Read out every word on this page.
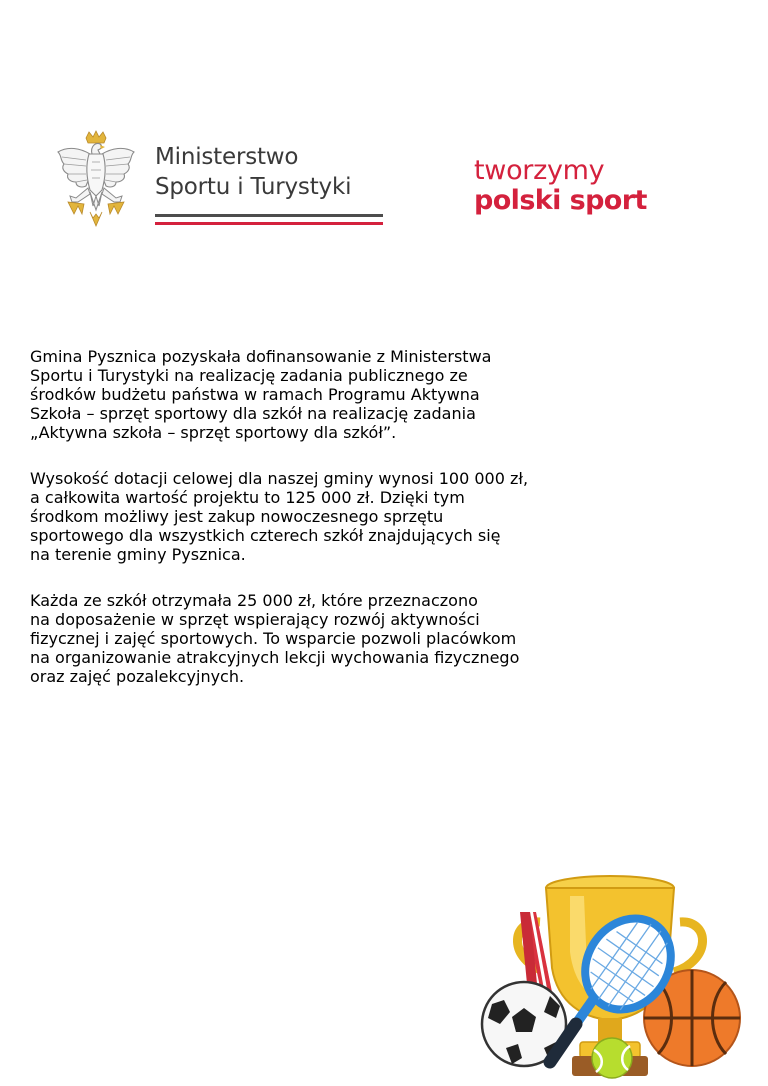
Ministerstwo
Sportu i Turystyki
tworzymy
polski sport

Gmina Pysznica pozyskała dofinansowanie z Ministerstwa
Sportu i Turystyki na realizację zadania publicznego ze
środków budżetu państwa w ramach Programu Aktywna
Szkoła – sprzęt sportowy dla szkół na realizację zadania
„Aktywna szkoła – sprzęt sportowy dla szkół”.

Wysokość dotacji celowej dla naszej gminy wynosi 100 000 zł,
a całkowita wartość projektu to 125 000 zł. Dzięki tym
środkom możliwy jest zakup nowoczesnego sprzętu
sportowego dla wszystkich czterech szkół znajdujących się
na terenie gminy Pysznica.

Każda ze szkół otrzymała 25 000 zł, które przeznaczono
na doposażenie w sprzęt wspierający rozwój aktywności
fizycznej i zajęć sportowych. To wsparcie pozwoli placówkom
na organizowanie atrakcyjnych lekcji wychowania fizycznego
oraz zajęć pozalekcyjnych.
